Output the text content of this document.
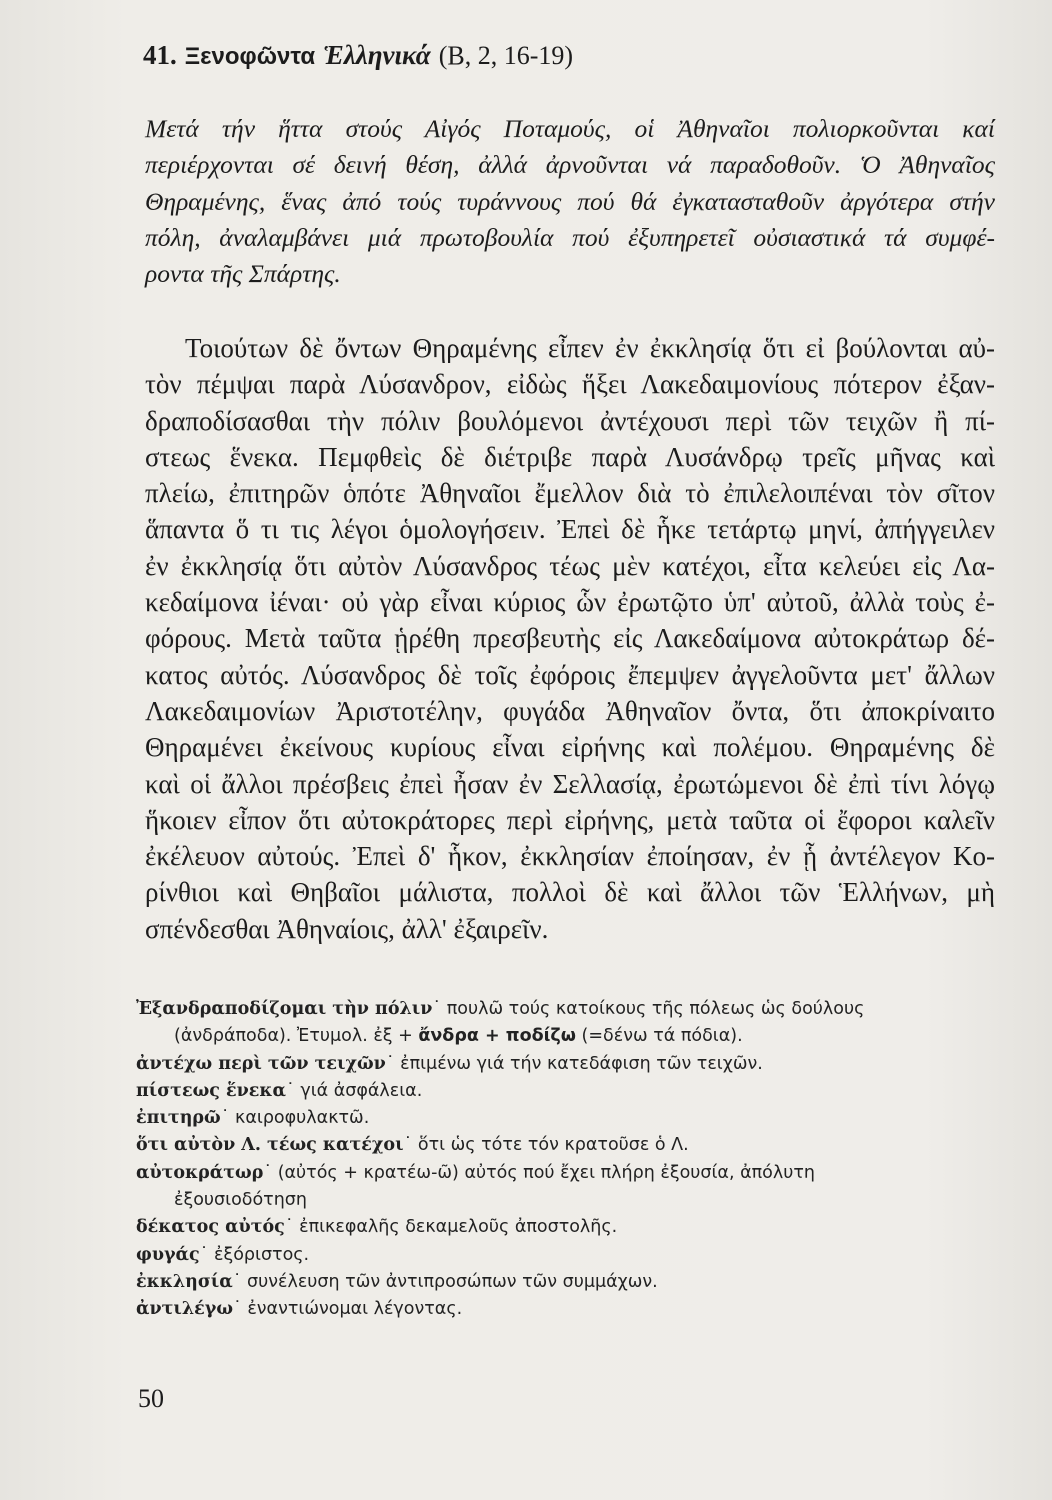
41. Ξενοφῶντα Ἑλληνικά (Β, 2, 16-19)
Μετά τήν ἥττα στούς Αἰγός Ποταμούς, οἱ Ἀθηναῖοι πολιορκοῦνται καί
περιέρχονται σέ δεινή θέση, ἀλλά ἀρνοῦνται νά παραδοθοῦν. Ὁ Ἀθηναῖος
Θηραμένης, ἕνας ἀπό τούς τυράννους πού θά ἐγκατασταθοῦν ἀργότερα στήν
πόλη, ἀναλαμβάνει μιά πρωτοβουλία πού ἐξυπηρετεῖ οὐσιαστικά τά συμφέ-
ροντα τῆς Σπάρτης.
Τοιούτων δὲ ὄντων Θηραμένης εἶπεν ἐν ἐκκλησίᾳ ὅτι εἰ βούλονται αὐ-
τὸν πέμψαι παρὰ Λύσανδρον, εἰδὼς ἥξει Λακεδαιμονίους πότερον ἐξαν-
δραποδίσασθαι τὴν πόλιν βουλόμενοι ἀντέχουσι περὶ τῶν τειχῶν ἢ πί-
στεως ἕνεκα. Πεμφθεὶς δὲ διέτριβε παρὰ Λυσάνδρῳ τρεῖς μῆνας καὶ
πλείω, ἐπιτηρῶν ὁπότε Ἀθηναῖοι ἔμελλον διὰ τὸ ἐπιλελοιπέναι τὸν σῖτον
ἅπαντα ὅ τι τις λέγοι ὁμολογήσειν. Ἐπεὶ δὲ ἧκε τετάρτῳ μηνί, ἀπήγγειλεν
ἐν ἐκκλησίᾳ ὅτι αὐτὸν Λύσανδρος τέως μὲν κατέχοι, εἶτα κελεύει εἰς Λα-
κεδαίμονα ἰέναι· οὐ γὰρ εἶναι κύριος ὧν ἐρωτῷτο ὑπ' αὐτοῦ, ἀλλὰ τοὺς ἐ-
φόρους. Μετὰ ταῦτα ᾑρέθη πρεσβευτὴς εἰς Λακεδαίμονα αὐτοκράτωρ δέ-
κατος αὐτός. Λύσανδρος δὲ τοῖς ἐφόροις ἔπεμψεν ἀγγελοῦντα μετ' ἄλλων
Λακεδαιμονίων Ἀριστοτέλην, φυγάδα Ἀθηναῖον ὄντα, ὅτι ἀποκρίναιτο
Θηραμένει ἐκείνους κυρίους εἶναι εἰρήνης καὶ πολέμου. Θηραμένης δὲ
καὶ οἱ ἄλλοι πρέσβεις ἐπεὶ ἦσαν ἐν Σελλασίᾳ, ἐρωτώμενοι δὲ ἐπὶ τίνι λόγῳ
ἥκοιεν εἶπον ὅτι αὐτοκράτορες περὶ εἰρήνης, μετὰ ταῦτα οἱ ἔφοροι καλεῖν
ἐκέλευον αὐτούς. Ἐπεὶ δ' ἧκον, ἐκκλησίαν ἐποίησαν, ἐν ᾗ ἀντέλεγον Κο-
ρίνθιοι καὶ Θηβαῖοι μάλιστα, πολλοὶ δὲ καὶ ἄλλοι τῶν Ἑλλήνων, μὴ
σπένδεσθαι Ἀθηναίοις, ἀλλ' ἐξαιρεῖν.
Ἐξανδραποδίζομαι τὴν πόλιν˙ πουλῶ τούς κατοίκους τῆς πόλεως ὡς δούλους
(ἀνδράποδα). Ἐτυμολ. ἐξ + ἄνδρα + ποδίζω (=δένω τά πόδια).
ἀντέχω περὶ τῶν τειχῶν˙ ἐπιμένω γιά τήν κατεδάφιση τῶν τειχῶν.
πίστεως ἕνεκα˙ γιά ἀσφάλεια.
ἐπιτηρῶ˙ καιροφυλακτῶ.
ὅτι αὐτὸν Λ. τέως κατέχοι˙ ὅτι ὡς τότε τόν κρατοῦσε ὁ Λ.
αὐτοκράτωρ˙ (αὐτός + κρατέω-ῶ) αὐτός πού ἔχει πλήρη ἐξουσία, ἀπόλυτη
ἐξουσιοδότηση
δέκατος αὐτός˙ ἐπικεφαλῆς δεκαμελοῦς ἀποστολῆς.
φυγάς˙ ἐξόριστος.
ἐκκλησία˙ συνέλευση τῶν ἀντιπροσώπων τῶν συμμάχων.
ἀντιλέγω˙ ἐναντιώνομαι λέγοντας.
50
